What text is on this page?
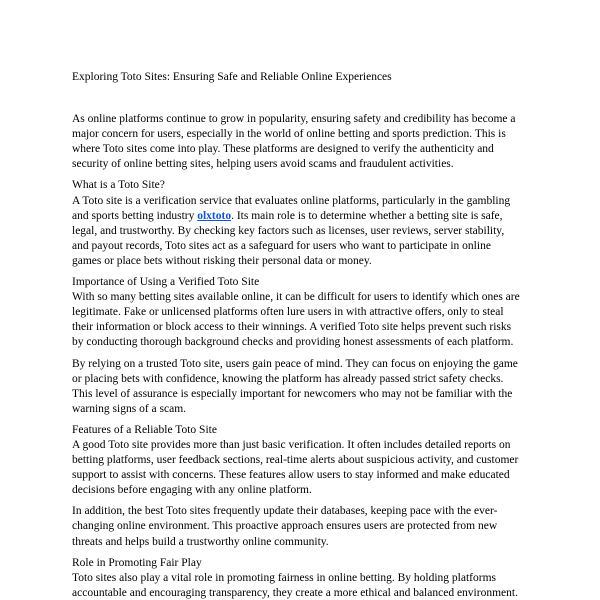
Exploring Toto Sites: Ensuring Safe and Reliable Online Experiences
As online platforms continue to grow in popularity, ensuring safety and credibility has become a
major concern for users, especially in the world of online betting and sports prediction. This is
where Toto sites come into play. These platforms are designed to verify the authenticity and
security of online betting sites, helping users avoid scams and fraudulent activities.
What is a Toto Site?
A Toto site is a verification service that evaluates online platforms, particularly in the gambling
and sports betting industry olxtoto. Its main role is to determine whether a betting site is safe,
legal, and trustworthy. By checking key factors such as licenses, user reviews, server stability,
and payout records, Toto sites act as a safeguard for users who want to participate in online
games or place bets without risking their personal data or money.
Importance of Using a Verified Toto Site
With so many betting sites available online, it can be difficult for users to identify which ones are
legitimate. Fake or unlicensed platforms often lure users in with attractive offers, only to steal
their information or block access to their winnings. A verified Toto site helps prevent such risks
by conducting thorough background checks and providing honest assessments of each platform.
By relying on a trusted Toto site, users gain peace of mind. They can focus on enjoying the game
or placing bets with confidence, knowing the platform has already passed strict safety checks.
This level of assurance is especially important for newcomers who may not be familiar with the
warning signs of a scam.
Features of a Reliable Toto Site
A good Toto site provides more than just basic verification. It often includes detailed reports on
betting platforms, user feedback sections, real-time alerts about suspicious activity, and customer
support to assist with concerns. These features allow users to stay informed and make educated
decisions before engaging with any online platform.
In addition, the best Toto sites frequently update their databases, keeping pace with the ever-
changing online environment. This proactive approach ensures users are protected from new
threats and helps build a trustworthy online community.
Role in Promoting Fair Play
Toto sites also play a vital role in promoting fairness in online betting. By holding platforms
accountable and encouraging transparency, they create a more ethical and balanced environment.
